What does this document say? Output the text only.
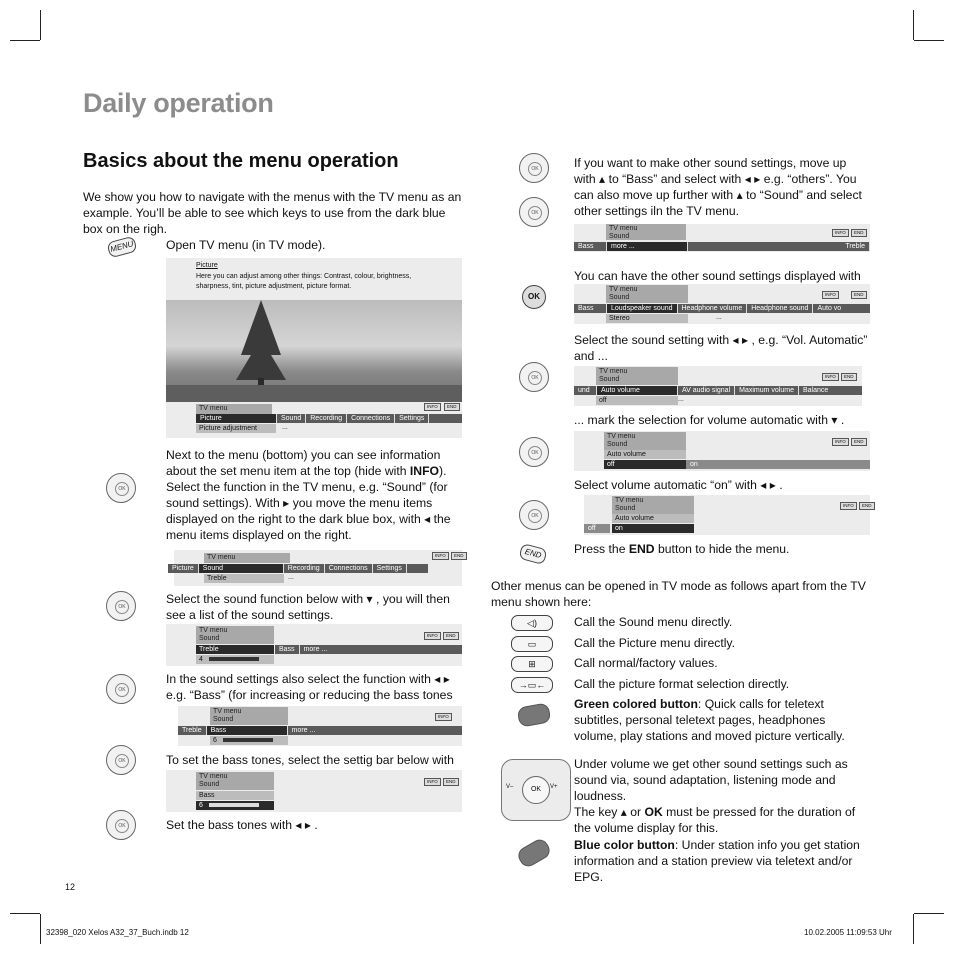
Daily operation
Basics about the menu operation
We show you how to navigate with the menus with the TV menu as an example. You’ll be able to see which keys to use from the dark blue box on the righ.
MENU	Open TV menu (in TV mode).
Picture
Here you can adjust among other things: Contrast, colour, brightness, sharpness, tint, picture adjustment, picture format.
TV menu	INFO	END
Picture	Sound Recording Connections Settings
Picture adjustment	...
OK
Next to the menu (bottom) you can see information about the set menu item at the top (hide with INFO).
Select the function in the TV menu, e.g. “Sound” (for sound settings). With ▸ you move the menu items displayed on the right to the dark blue box, with ◂ the menu items displayed on the right.
TV menu	INFO	END
Picture Sound	Recording Connections Settings
Treble	...
OK
Select the sound function below with ▾ , you will then see a list of the sound settings.
TV menu
Sound	INFO	END
Treble	Bass more ...
4
OK
In the sound settings also select the function with ◂ ▸ e.g. “Bass” (for increasing or reducing the bass tones
TV menu
Sound	INFO
Treble Bass	more ...
6
OK	To set the bass tones, select the settig bar below with
TV menu
Sound	INFO	END
Bass
6
OK	Set the bass tones with ◂ ▸ .
OK
OK
If you want to make other sound settings, move up with ▴ to “Bass” and select with ◂ ▸ e.g. “others”. You can also move up further with ▴ to “Sound” and select other settings iln the TV menu.
TV menu
Sound
INFO	END
Bass more ...	Treble
OK
You can have the other sound settings displayed with
TV menu
Sound	INFO	END
Bass Loudspeaker sound Headphone volume Headphone sound Auto vo
Stereo	...
OK
Select the sound setting with ◂ ▸ , e.g. “Vol. Automatic” and ...
TV menu
Sound	INFO	END
und Auto volume	AV audio signal Maximum volume Balance
off	...
OK
... mark the selection for volume automatic with ▾ .
TV menu
Sound	INFO	END
Auto volume
off	on
OK
Select volume automatic “on” with ◂ ▸ .
TV menu
Sound	INFO	END
Auto volume
off	on
END	Press the END button to hide the menu.
Other menus can be opened in TV mode as follows apart from the TV menu shown here:
◁)	Call the Sound menu directly.
▭	Call the Picture menu directly.
⊞	Call normal/factory values.
→▭←	Call the picture format selection directly.
Green colored button: Quick calls for teletext subtitles, personal teletext pages, headphones volume, play stations and moved picture vertically.
OK
V–	V+
Under volume we get other sound settings such as sound via, sound adaptation, listening mode and loudness.
The key ▴ or OK must be pressed for the duration of the volume display for this.
Blue color button: Under station info you get station information and a station preview via teletext and/or EPG.
12
32398_020 Xelos A32_37_Buch.indb 12	10.02.2005 11:09:53 Uhr
